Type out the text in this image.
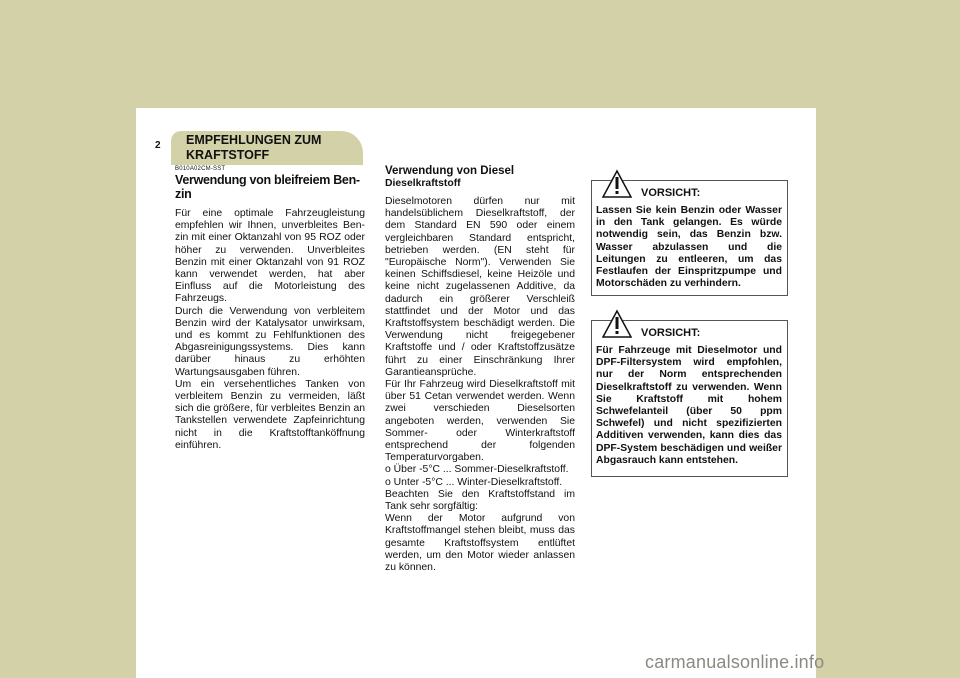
1 EIGENSCHAFTEN DES HYUNDAI
2 EMPFEHLUNGEN ZUM KRAFTSTOFF
B010A02CM-SST
Verwendung von bleifreiem Ben-zin
Für eine optimale Fahrzeugleistung empfehlen wir Ihnen, unverbleites Ben-zin mit einer Oktanzahl von 95 ROZ oder höher zu verwenden. Unverbleites Benzin mit einer Oktanzahl von 91 ROZ kann verwendet werden, hat aber Einfluss auf die Motorleistung des Fahrzeugs.
Durch die Verwendung von verbleitem Benzin wird der Katalysator unwirksam, und es kommt zu Fehlfunktionen des Abgasreinigungssystems. Dies kann darüber hinaus zu erhöhten Wartungsausgaben führen.
Um ein versehentliches Tanken von verbleitem Benzin zu vermeiden, läßt sich die größere, für verbleites Benzin an Tankstellen verwendete Zapfeinrichtung nicht in die Kraftstofftanköffnung einführen.
Verwendung von Diesel
Dieselkraftstoff
Dieselmotoren dürfen nur mit handelsüblichem Dieselkraftstoff, der dem Standard EN 590 oder einem vergleichbaren Standard entspricht, betrieben werden. (EN steht für "Europäische Norm"). Verwenden Sie keinen Schiffsdiesel, keine Heizöle und keine nicht zugelassenen Additive, da dadurch ein größerer Verschleiß stattfindet und der Motor und das Kraftstoffsystem beschädigt werden. Die Verwendung nicht freigegebener Kraftstoffe und / oder Kraftstoffzusätze führt zu einer Einschränkung Ihrer Garantieansprüche.
Für Ihr Fahrzeug wird Dieselkraftstoff mit über 51 Cetan verwendet werden. Wenn zwei verschieden Dieselsorten angeboten werden, verwenden Sie Sommer- oder Winterkraftstoff entsprechend der folgenden Temperaturvorgaben.
o Über -5°C ... Sommer-Dieselkraftstoff.
o Unter -5°C ... Winter-Dieselkraftstoff.
Beachten Sie den Kraftstoffstand im Tank sehr sorgfältig:
Wenn der Motor aufgrund von Kraftstoffmangel stehen bleibt, muss das gesamte Kraftstoffsystem entlüftet werden, um den Motor wieder anlassen zu können.
VORSICHT:
Lassen Sie kein Benzin oder Wasser in den Tank gelangen. Es würde notwendig sein, das Benzin bzw. Wasser abzulassen und die Leitungen zu entleeren, um das Festlaufen der Einspritzpumpe und Motorschäden zu verhindern.
VORSICHT:
Für Fahrzeuge mit Dieselmotor und DPF-Filtersystem wird empfohlen, nur der Norm entsprechenden Dieselkraftstoff zu verwenden. Wenn Sie Kraftstoff mit hohem Schwefelanteil (über 50 ppm Schwefel) und nicht spezifizierten Additiven verwenden, kann dies das DPF-System beschädigen und weißer Abgasrauch kann entstehen.
carmanualsonline.info
